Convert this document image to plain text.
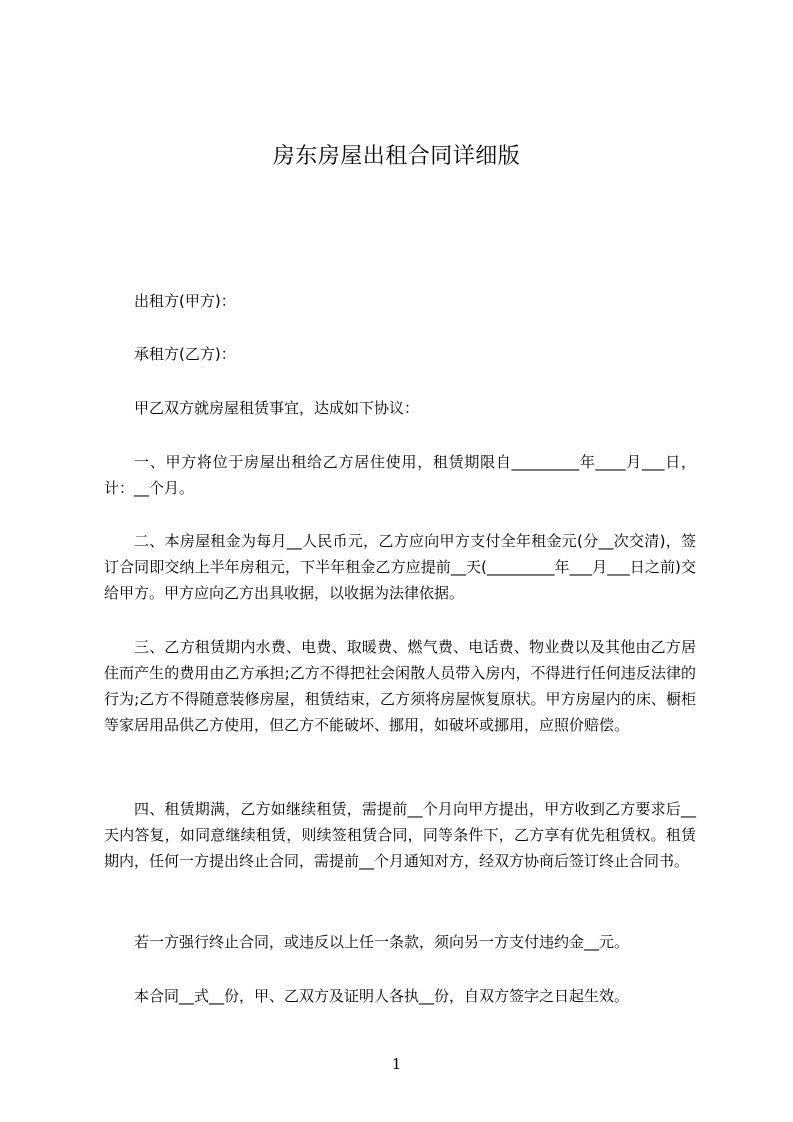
房东房屋出租合同详细版

出租方(甲方)：

承租方(乙方)：

甲乙双方就房屋租赁事宜，达成如下协议：

一、甲方将位于房屋出租给乙方居住使用，租赁期限自_________年____月___日，计：__个月。

二、本房屋租金为每月__人民币元，乙方应向甲方支付全年租金元(分__次交清)，签订合同即交纳上半年房租元，下半年租金乙方应提前__天(_________年___月___日之前)交给甲方。甲方应向乙方出具收据，以收据为法律依据。

三、乙方租赁期内水费、电费、取暖费、燃气费、电话费、物业费以及其他由乙方居住而产生的费用由乙方承担;乙方不得把社会闲散人员带入房内，不得进行任何违反法律的行为;乙方不得随意装修房屋，租赁结束，乙方须将房屋恢复原状。甲方房屋内的床、橱柜等家居用品供乙方使用，但乙方不能破坏、挪用，如破坏或挪用，应照价赔偿。

四、租赁期满，乙方如继续租赁，需提前__个月向甲方提出，甲方收到乙方要求后__天内答复，如同意继续租赁，则续签租赁合同，同等条件下，乙方享有优先租赁权。租赁期内，任何一方提出终止合同，需提前__个月通知对方，经双方协商后签订终止合同书。

若一方强行终止合同，或违反以上任一条款，须向另一方支付违约金__元。

本合同__式__份，甲、乙双方及证明人各执__份，自双方签字之日起生效。

1
